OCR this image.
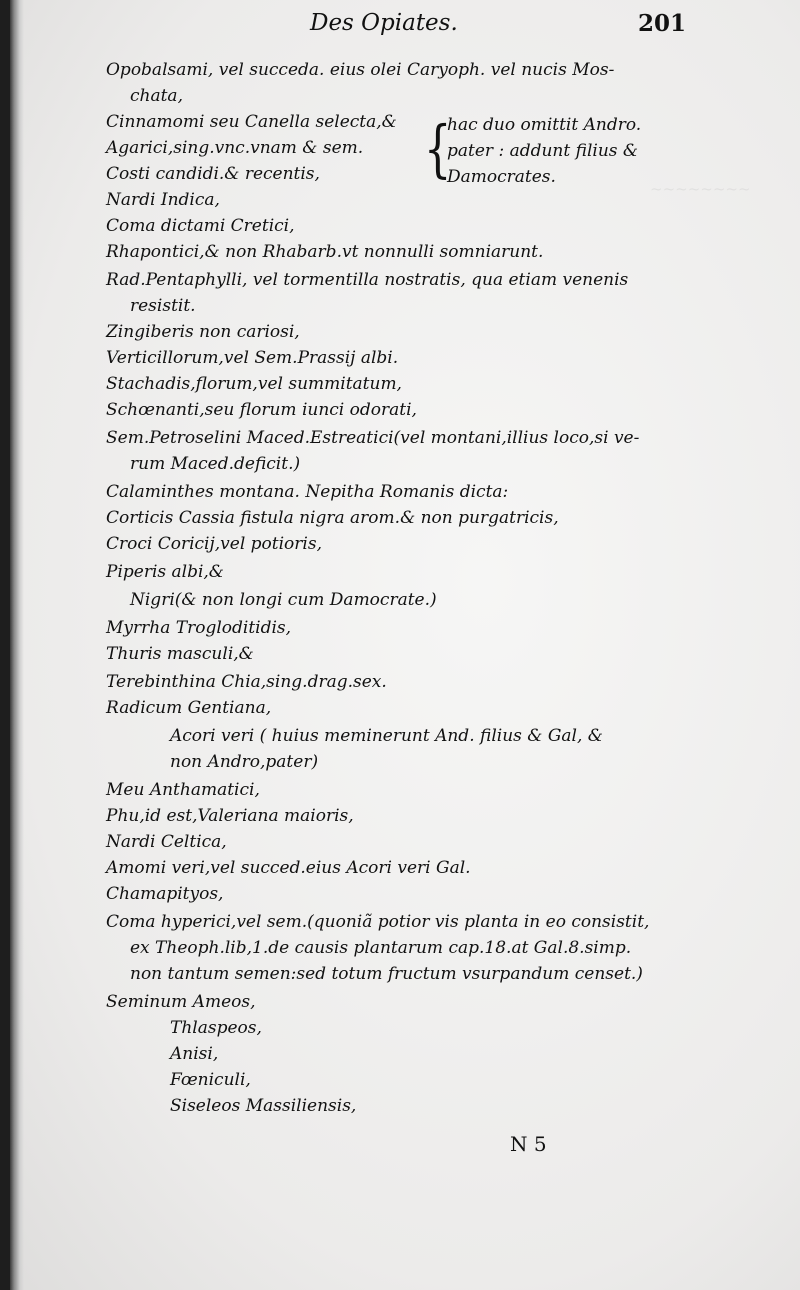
~~~~~~~~
Des Opiates.	201
Opobalsami, vel succeda. eius olei Caryoph. vel nucis Mos-
chata,
Cinnamomi seu Canella selecta,&
Agarici,sing.vnc.vnam & sem.
Costi candidi.& recentis,
Nardi Indica,
Coma dictami Cretici,
Rhapontici,& non Rhabarb.vt nonnulli somniarunt.
Rad.Pentaphylli, vel tormentilla nostratis, qua etiam venenis
resistit.
Zingiberis non cariosi,
Verticillorum,vel Sem.Prassij albi.
Stachadis,florum,vel summitatum,
Schœnanti,seu florum iunci odorati,
Sem.Petroselini Maced.Estreatici(vel montani,illius loco,si ve-
rum Maced.deficit.)
Calaminthes montana. Nepitha Romanis dicta:
Corticis Cassia fistula nigra arom.& non purgatricis,
Croci Coricij,vel potioris,
Piperis albi,&
Nigri(& non longi cum Damocrate.)
Myrrha Trogloditidis,
Thuris masculi,&
Terebinthina Chia,sing.drag.sex.
Radicum Gentiana,
Acori veri ( huius meminerunt And. filius & Gal, &
non Andro,pater)
Meu Anthamatici,
Phu,id est,Valeriana maioris,
Nardi Celtica,
Amomi veri,vel succed.eius Acori veri Gal.
Chamapityos,
Coma hyperici,vel sem.(quoniã potior vis planta in eo consistit,
ex Theoph.lib,1.de causis plantarum cap.18.at Gal.8.simp.
non tantum semen:sed totum fructum vsurpandum censet.)
Seminum Ameos,
Thlaspeos,
Anisi,
Fœniculi,
Siseleos Massiliensis,
{
hac duo omittit Andro.
pater : addunt filius &
Damocrates.
N 5
